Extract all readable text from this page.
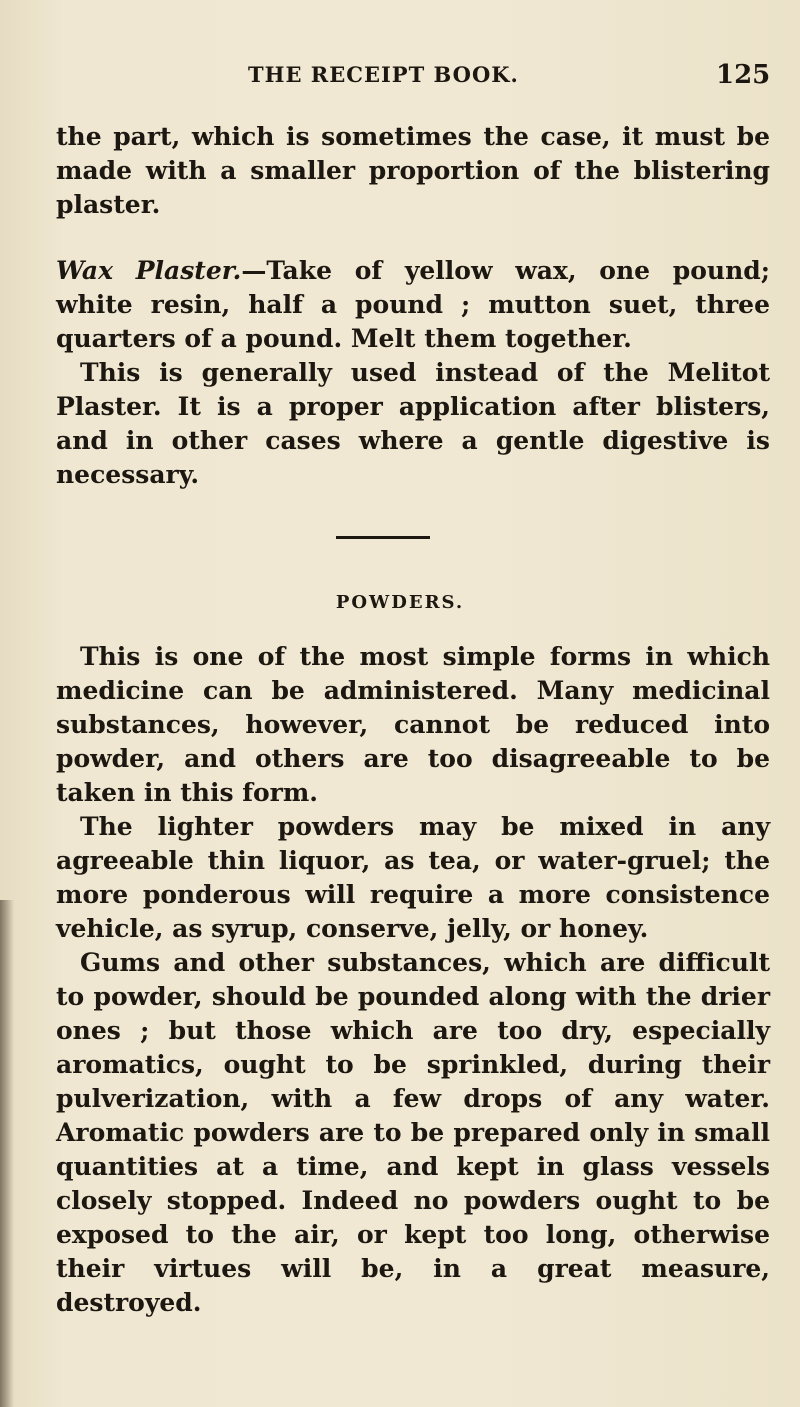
THE RECEIPT BOOK.	125

the part, which is sometimes the case, it must be made with a smaller proportion of the blistering plaster.

Wax Plaster.—Take of yellow wax, one pound; white resin, half a pound ; mutton suet, three quarters of a pound. Melt them together.

This is generally used instead of the Melitot Plaster. It is a proper application after blisters, and in other cases where a gentle digestive is necessary.

POWDERS.

This is one of the most simple forms in which medicine can be administered. Many medicinal substances, however, cannot be reduced into powder, and others are too disagreeable to be taken in this form.

The lighter powders may be mixed in any agreeable thin liquor, as tea, or water-gruel; the more ponderous will require a more consistence vehicle, as syrup, conserve, jelly, or honey.

Gums and other substances, which are difficult to powder, should be pounded along with the drier ones ; but those which are too dry, especially aromatics, ought to be sprinkled, during their pulverization, with a few drops of any water. Aromatic powders are to be prepared only in small quantities at a time, and kept in glass vessels closely stopped. Indeed no powders ought to be exposed to the air, or kept too long, otherwise their virtues will be, in a great measure, destroyed.
